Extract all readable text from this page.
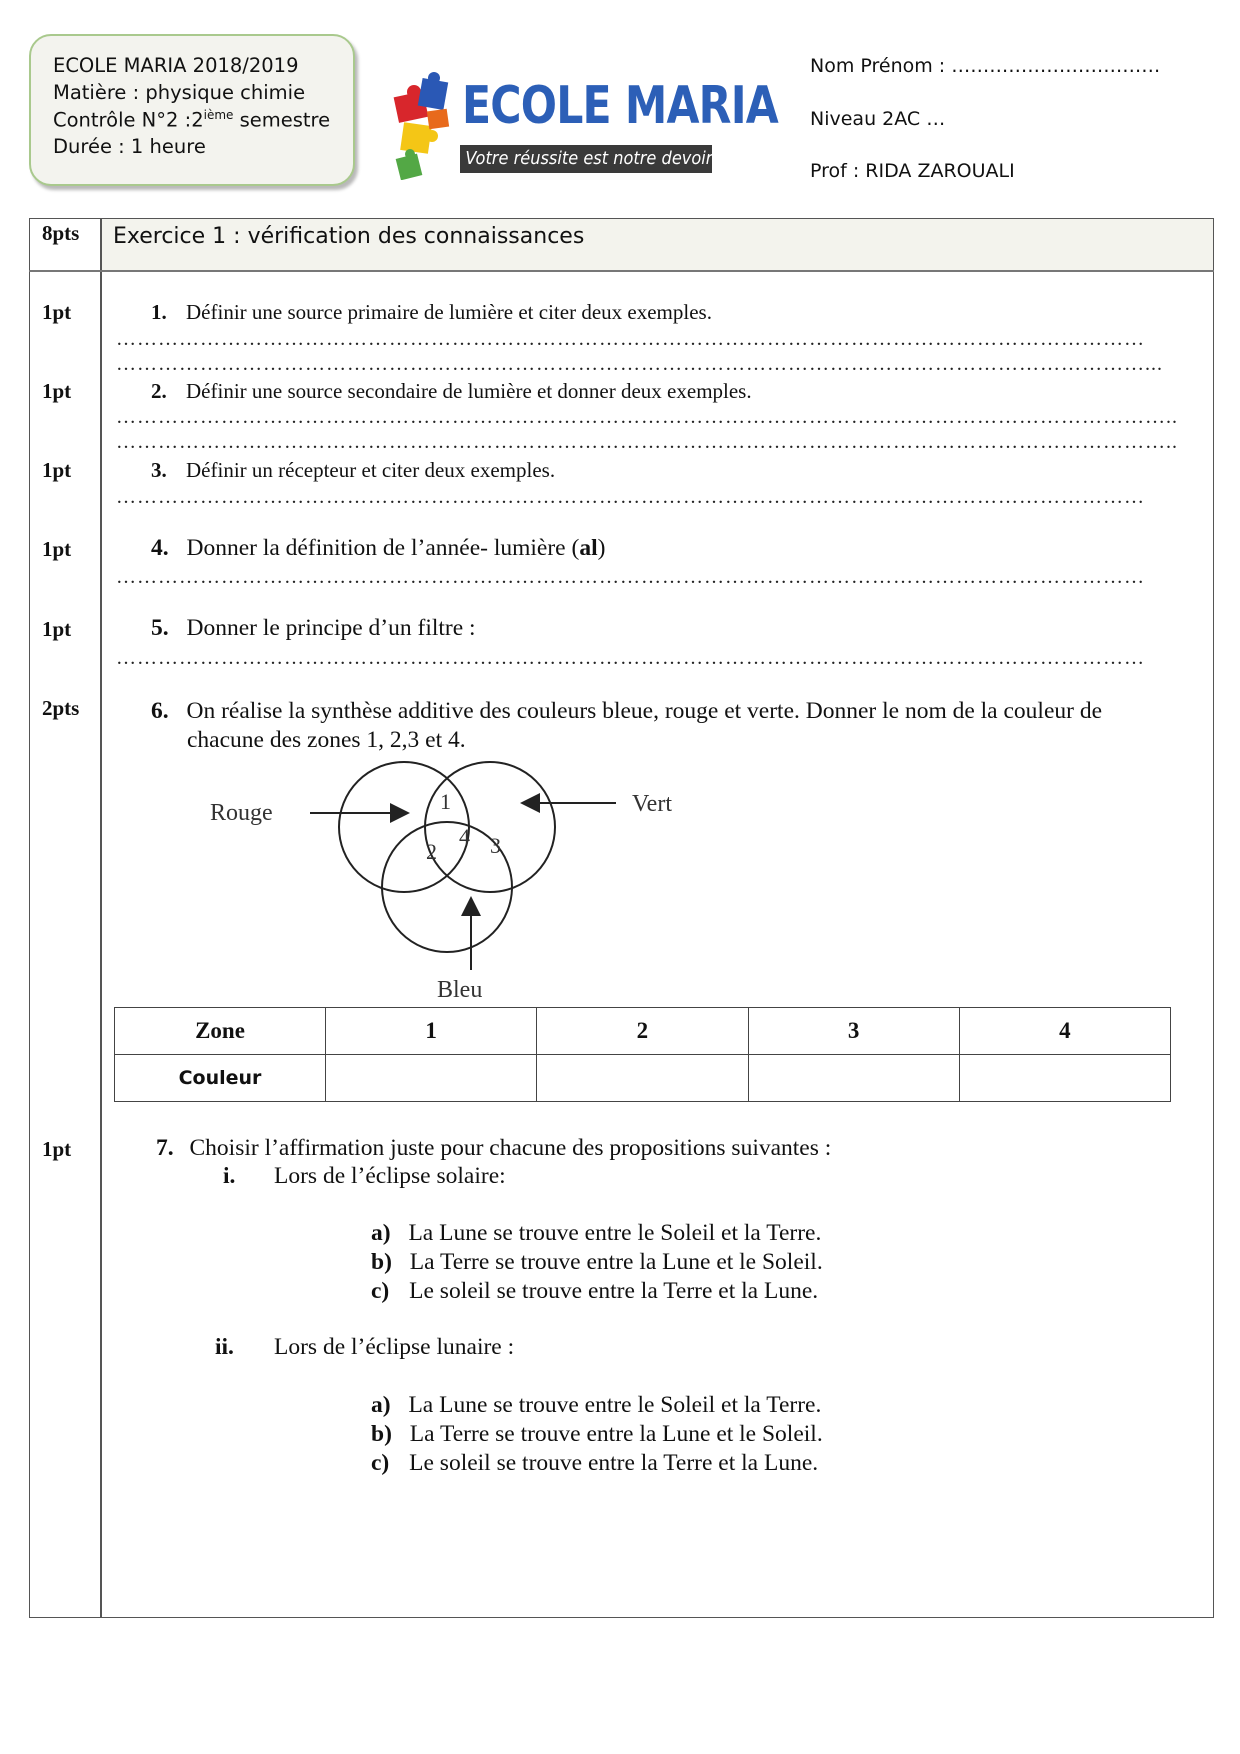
ECOLE MARIA 2018/2019
Matière : physique chimie
Contrôle N°2 :2ième semestre
Durée : 1 heure
ECOLE MARIA
Votre réussite est notre devoir
Nom Prénom : ……………………………
Niveau 2AC …
Prof : RIDA ZAROUALI
8pts Exercice 1 : vérification des connaissances
1pt	1. Définir une source primaire de lumière et citer deux exemples.
…………………………………………………………………………………………………………………………………
…………………………………………………………………………………………………………………………………...
1pt	2. Définir une source secondaire de lumière et donner deux exemples.
……………………………………………………………………………………………………………………………………..
……………………………………………………………………………………………………………………………………..
1pt	3. Définir un récepteur et citer deux exemples.
…………………………………………………………………………………………………………………………………
1pt	4. Donner la définition de l’année- lumière (al)
…………………………………………………………………………………………………………………………………
1pt	5. Donner le principe d’un filtre :
…………………………………………………………………………………………………………………………………
2pts	6. On réalise la synthèse additive des couleurs bleue, rouge et verte. Donner le nom de la couleur de
chacune des zones 1, 2,3 et 4.
Rouge	Vert
Bleu
1
2 3
4
Zone	1	2	3	4
Couleur				
1pt	7. Choisir l’affirmation juste pour chacune des propositions suivantes :
i. Lors de l’éclipse solaire:
a) La Lune se trouve entre le Soleil et la Terre.
b) La Terre se trouve entre la Lune et le Soleil.
c) Le soleil se trouve entre la Terre et la Lune.
ii. Lors de l’éclipse lunaire :
a) La Lune se trouve entre le Soleil et la Terre.
b) La Terre se trouve entre la Lune et le Soleil.
c) Le soleil se trouve entre la Terre et la Lune.
